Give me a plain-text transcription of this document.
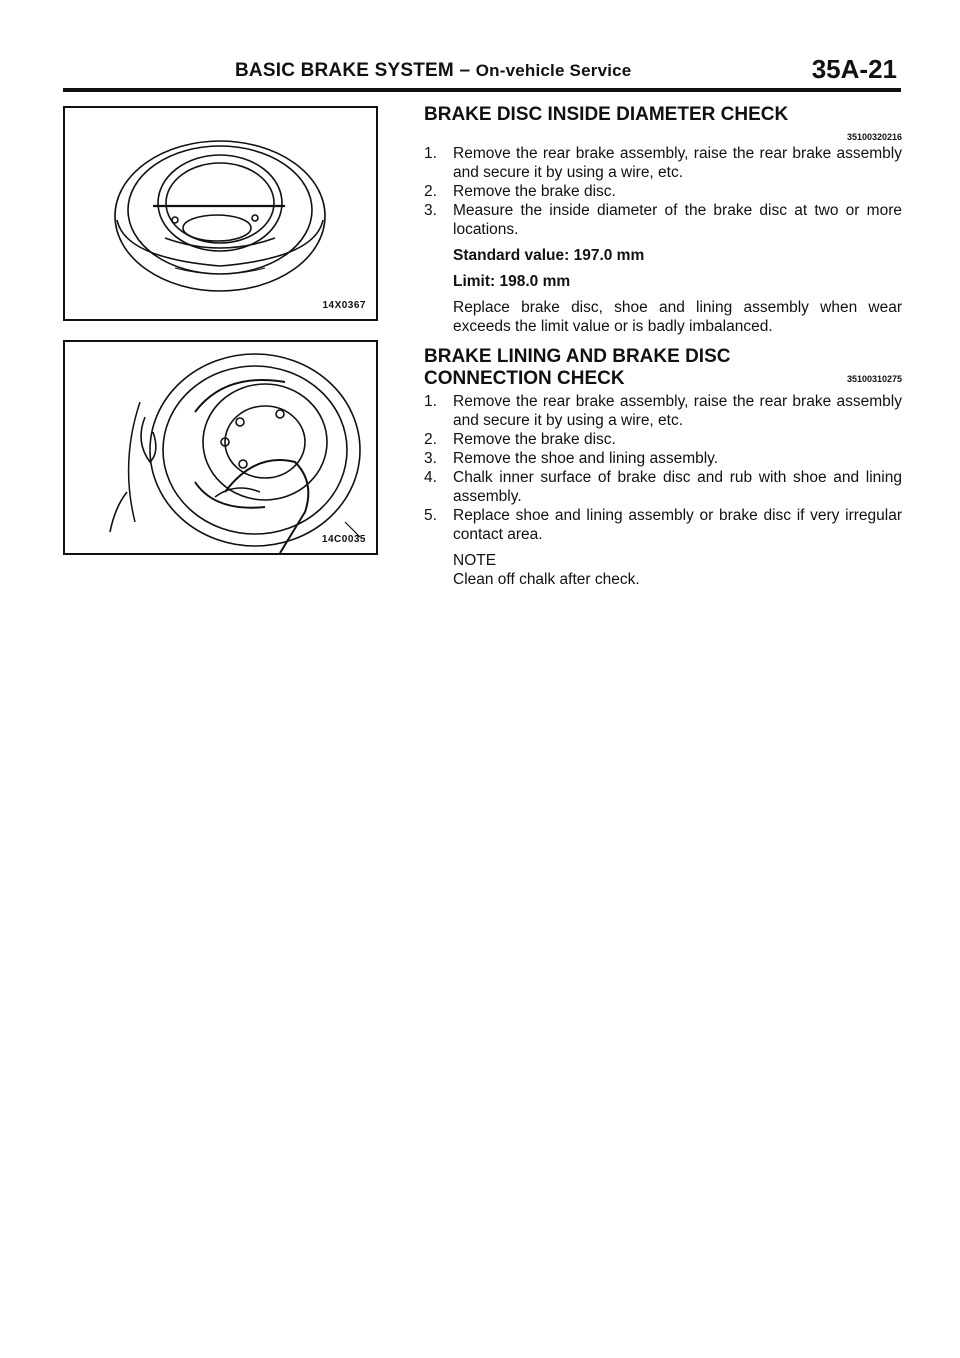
BASIC BRAKE SYSTEM – On-vehicle Service	35A-21
14X0367
14C0035
BRAKE DISC INSIDE DIAMETER CHECK
35100320216
1. Remove the rear brake assembly, raise the rear brake assembly and secure it by using a wire, etc.
2. Remove the brake disc.
3. Measure the inside diameter of the brake disc at two or more locations.
Standard value: 197.0 mm
Limit: 198.0 mm
Replace brake disc, shoe and lining assembly when wear exceeds the limit value or is badly imbalanced.
BRAKE LINING AND BRAKE DISC
CONNECTION CHECK	35100310275
1. Remove the rear brake assembly, raise the rear brake assembly and secure it by using a wire, etc.
2. Remove the brake disc.
3. Remove the shoe and lining assembly.
4. Chalk inner surface of brake disc and rub with shoe and lining assembly.
5. Replace shoe and lining assembly or brake disc if very irregular contact area.
NOTE
Clean off chalk after check.
